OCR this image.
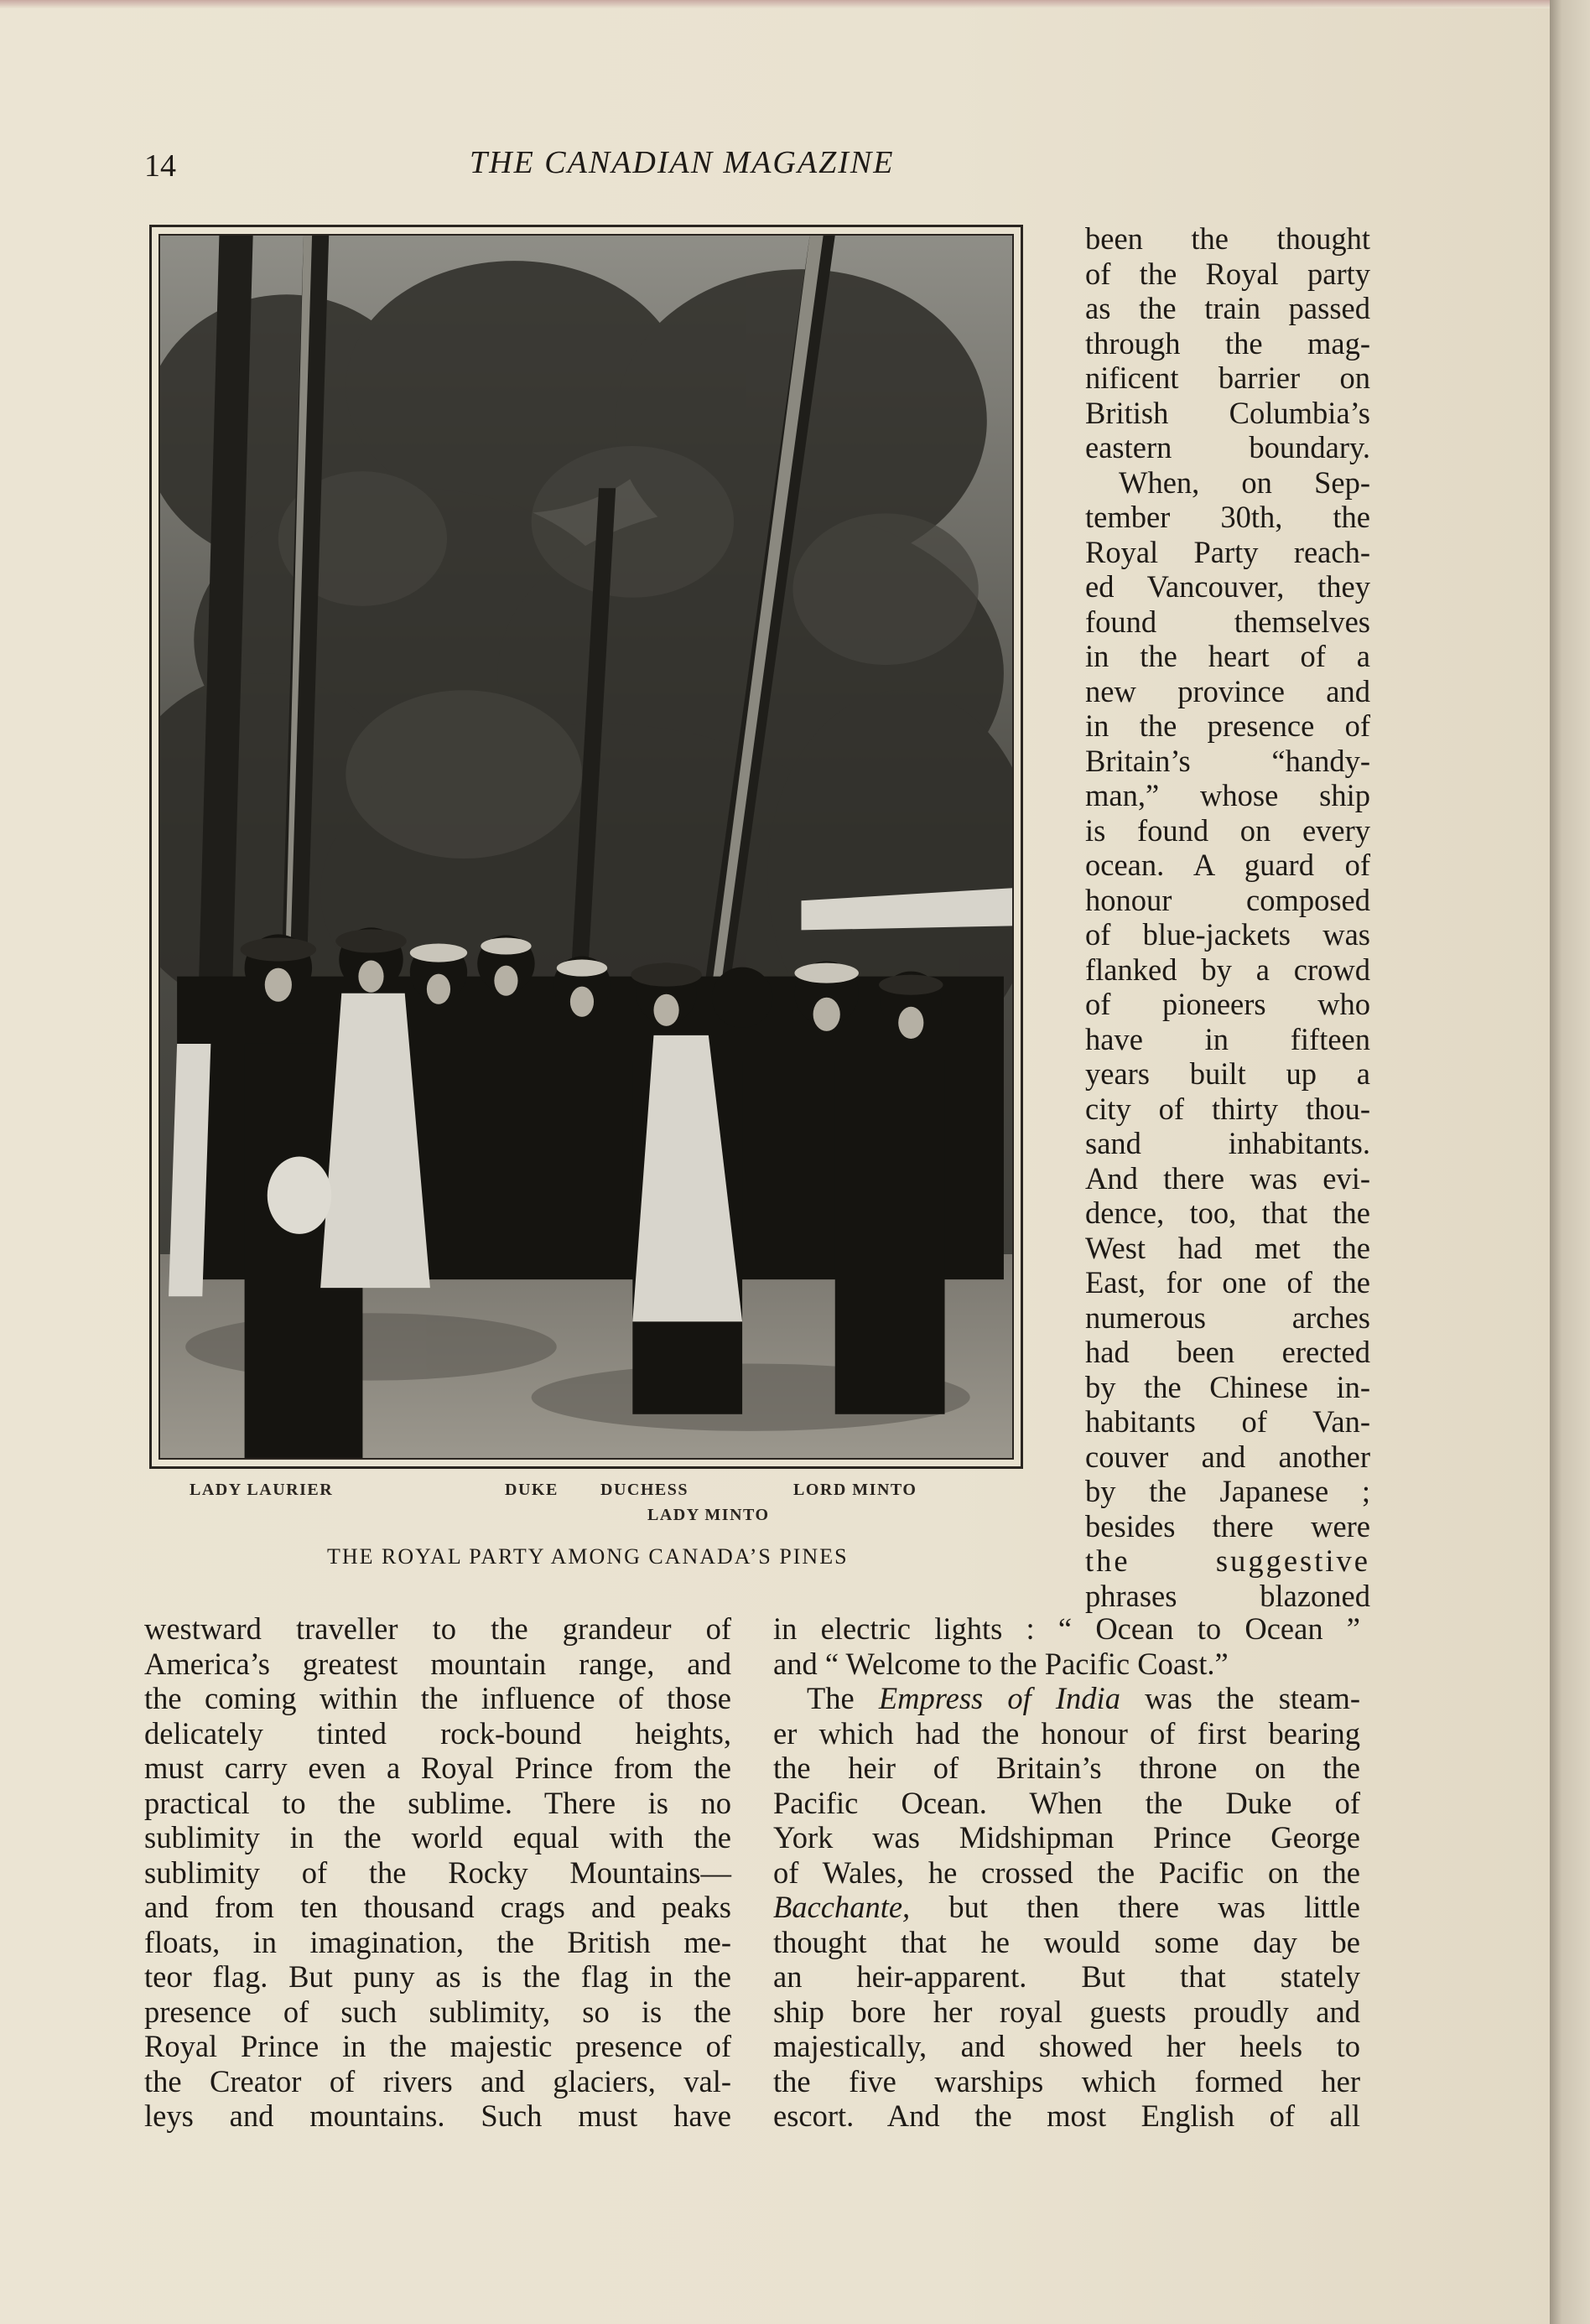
14	THE CANADIAN MAGAZINE
LADY LAURIER	DUKE	DUCHESS	LORD MINTO
LADY MINTO
THE ROYAL PARTY AMONG CANADA’S PINES
been the thought
of the Royal party
as the train passed
through the mag-
nificent barrier on
British Columbia’s
eastern boundary.
When, on Sep-
tember 30th, the
Royal Party reach-
ed Vancouver, they
found themselves
in the heart of a
new province and
in the presence of
Britain’s “handy-
man,” whose ship
is found on every
ocean. A guard of
honour composed
of blue-jackets was
flanked by a crowd
of pioneers who
have in fifteen
years built up a
city of thirty thou-
sand inhabitants.
And there was evi-
dence, too, that the
West had met the
East, for one of the
numerous arches
had been erected
by the Chinese in-
habitants of Van-
couver and another
by the Japanese ;
besides there were
the suggestive
phrases blazoned
westward traveller to the grandeur of
America’s greatest mountain range, and
the coming within the influence of those
delicately tinted rock-bound heights,
must carry even a Royal Prince from the
practical to the sublime. There is no
sublimity in the world equal with the
sublimity of the Rocky Mountains—
and from ten thousand crags and peaks
floats, in imagination, the British me-
teor flag. But puny as is the flag in the
presence of such sublimity, so is the
Royal Prince in the majestic presence of
the Creator of rivers and glaciers, val-
leys and mountains. Such must have
in electric lights : “ Ocean to Ocean ”
and “ Welcome to the Pacific Coast.”
The Empress of India was the steam-
er which had the honour of first bearing
the heir of Britain’s throne on the
Pacific Ocean. When the Duke of
York was Midshipman Prince George
of Wales, he crossed the Pacific on the
Bacchante, but then there was little
thought that he would some day be
an heir-apparent. But that stately
ship bore her royal guests proudly and
majestically, and showed her heels to
the five warships which formed her
escort. And the most English of all
